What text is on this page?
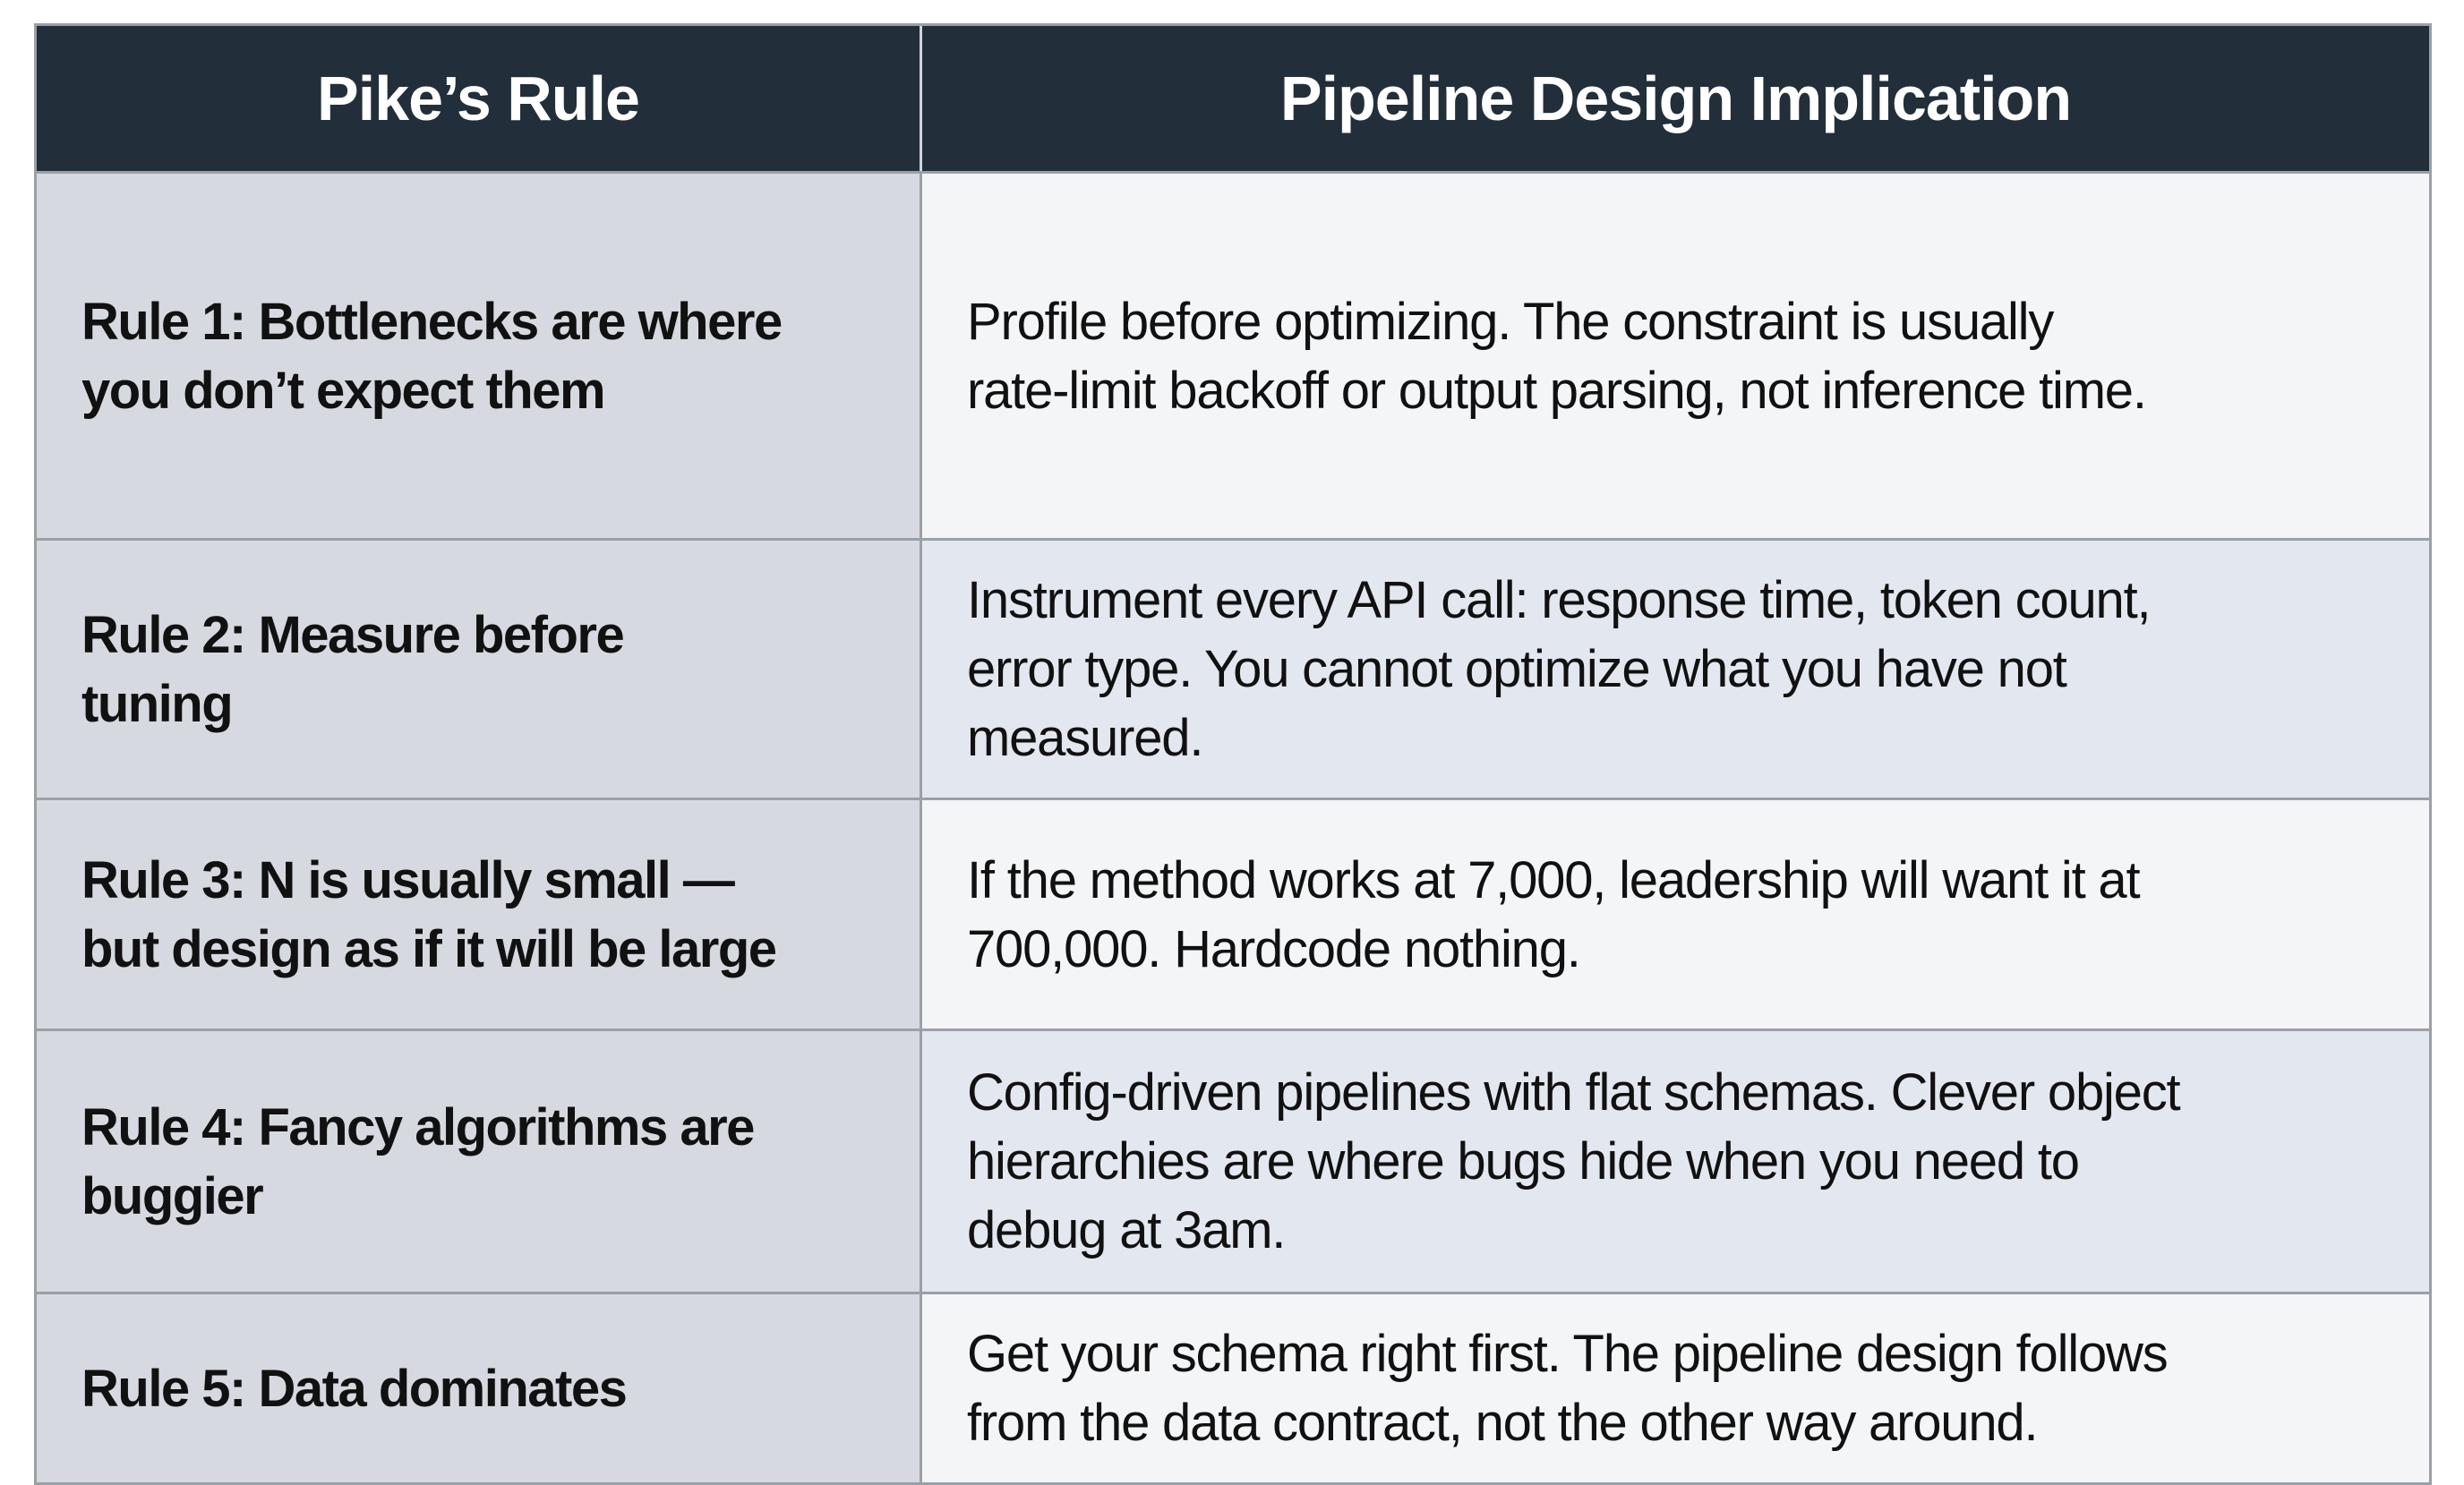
Pike’s Rule	Pipeline Design Implication
Rule 1: Bottlenecks are where
you don’t expect them
Profile before optimizing. The constraint is usually
rate-limit backoff or output parsing, not inference time.
Rule 2: Measure before
tuning
Instrument every API call: response time, token count,
error type. You cannot optimize what you have not
measured.
Rule 3: N is usually small —
but design as if it will be large
If the method works at 7,000, leadership will want it at
700,000. Hardcode nothing.
Rule 4: Fancy algorithms are
buggier
Config-driven pipelines with flat schemas. Clever object
hierarchies are where bugs hide when you need to
debug at 3am.
Rule 5: Data dominates
Get your schema right first. The pipeline design follows
from the data contract, not the other way around.
